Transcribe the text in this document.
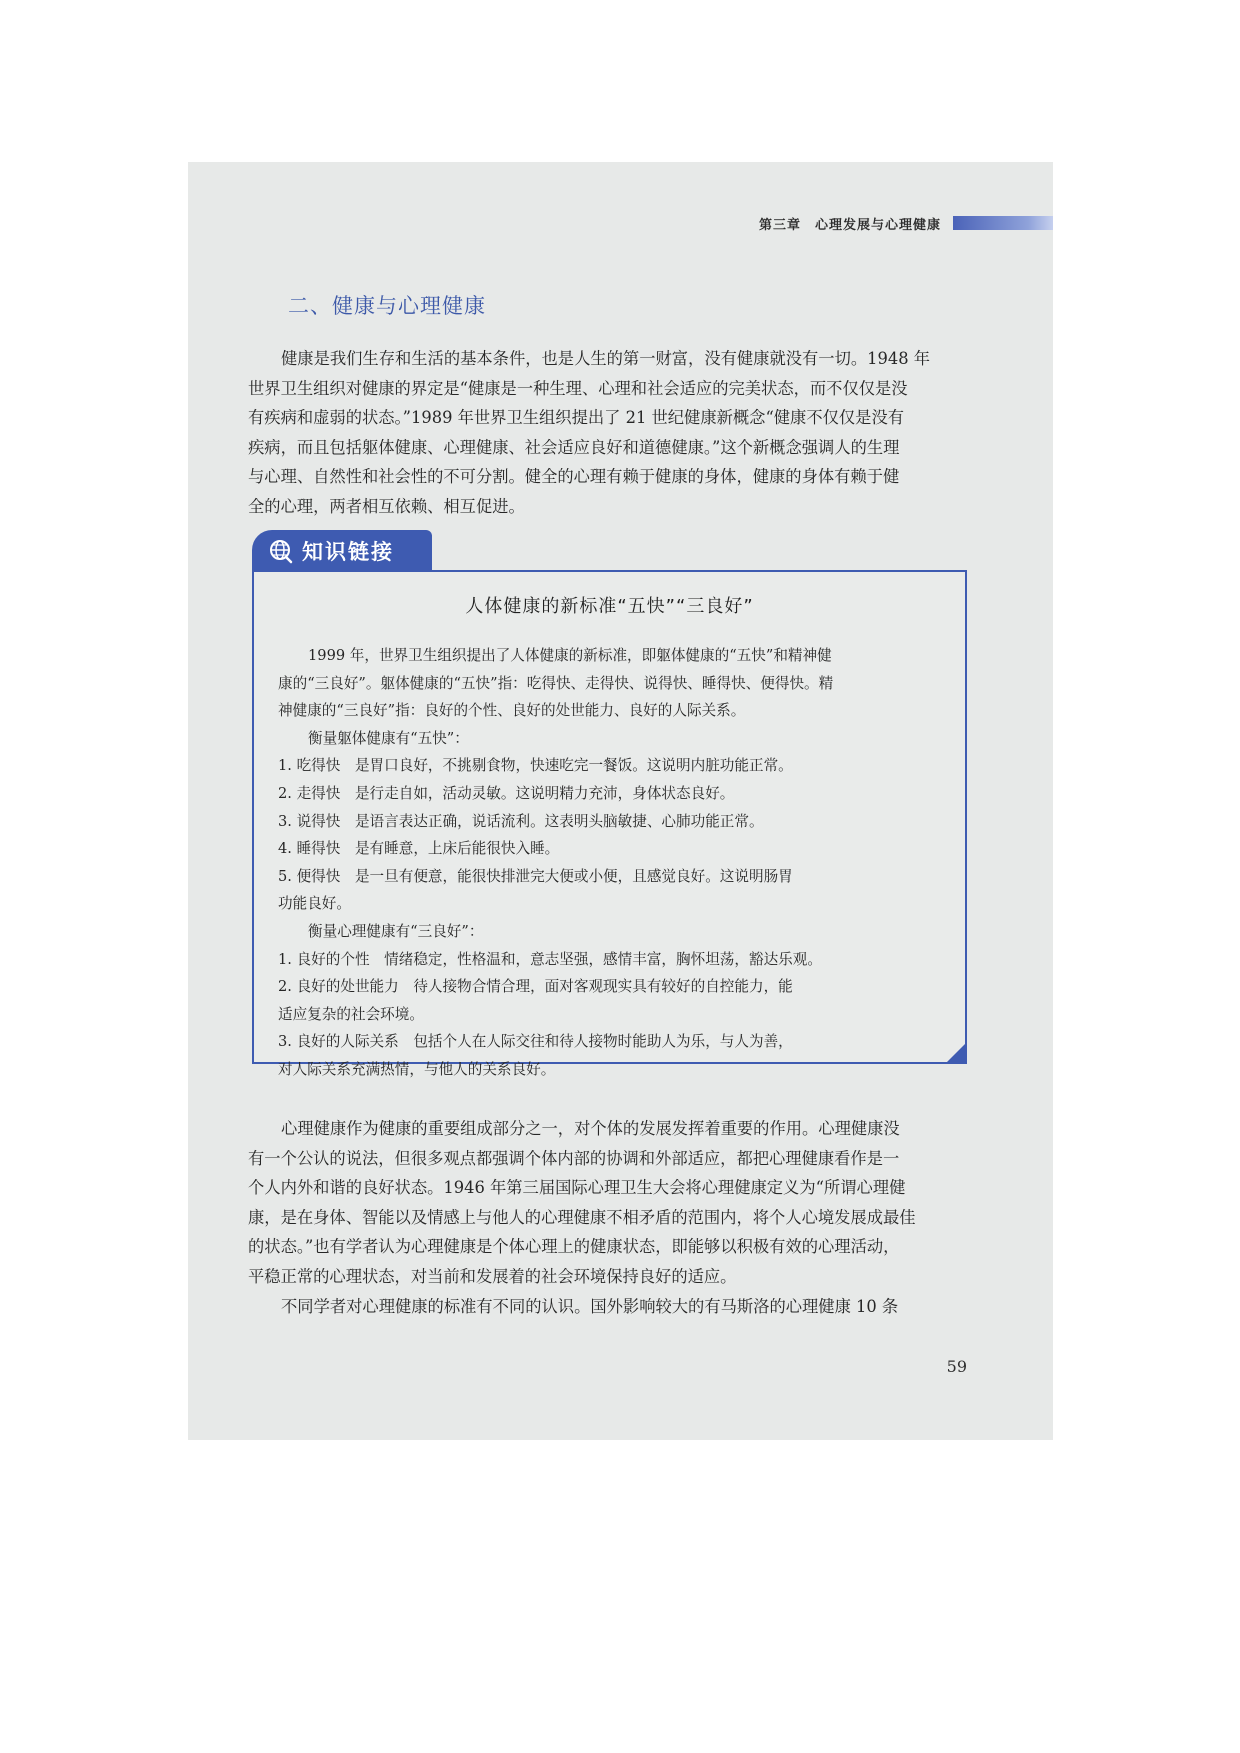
第三章　心理发展与心理健康
二、健康与心理健康

健康是我们生存和生活的基本条件，也是人生的第一财富，没有健康就没有一切。1948 年
世界卫生组织对健康的界定是“健康是一种生理、心理和社会适应的完美状态，而不仅仅是没
有疾病和虚弱的状态。”1989 年世界卫生组织提出了 21 世纪健康新概念“健康不仅仅是没有
疾病，而且包括躯体健康、心理健康、社会适应良好和道德健康。”这个新概念强调人的生理
与心理、自然性和社会性的不可分割。健全的心理有赖于健康的身体，健康的身体有赖于健
全的心理，两者相互依赖、相互促进。

知识链接
人体健康的新标准“五快”“三良好”

1999 年，世界卫生组织提出了人体健康的新标准，即躯体健康的“五快”和精神健
康的“三良好”。躯体健康的“五快”指：吃得快、走得快、说得快、睡得快、便得快。精
神健康的“三良好”指：良好的个性、良好的处世能力、良好的人际关系。
衡量躯体健康有“五快”：
1. 吃得快　是胃口良好，不挑剔食物，快速吃完一餐饭。这说明内脏功能正常。
2. 走得快　是行走自如，活动灵敏。这说明精力充沛，身体状态良好。
3. 说得快　是语言表达正确，说话流利。这表明头脑敏捷、心肺功能正常。
4. 睡得快　是有睡意，上床后能很快入睡。
5. 便得快　是一旦有便意，能很快排泄完大便或小便，且感觉良好。这说明肠胃
功能良好。
衡量心理健康有“三良好”：
1. 良好的个性　情绪稳定，性格温和，意志坚强，感情丰富，胸怀坦荡，豁达乐观。
2. 良好的处世能力　待人接物合情合理，面对客观现实具有较好的自控能力，能
适应复杂的社会环境。
3. 良好的人际关系　包括个人在人际交往和待人接物时能助人为乐，与人为善，
对人际关系充满热情，与他人的关系良好。

心理健康作为健康的重要组成部分之一，对个体的发展发挥着重要的作用。心理健康没
有一个公认的说法，但很多观点都强调个体内部的协调和外部适应，都把心理健康看作是一
个人内外和谐的良好状态。1946 年第三届国际心理卫生大会将心理健康定义为“所谓心理健
康，是在身体、智能以及情感上与他人的心理健康不相矛盾的范围内，将个人心境发展成最佳
的状态。”也有学者认为心理健康是个体心理上的健康状态，即能够以积极有效的心理活动，
平稳正常的心理状态，对当前和发展着的社会环境保持良好的适应。
不同学者对心理健康的标准有不同的认识。国外影响较大的有马斯洛的心理健康 10 条

59
